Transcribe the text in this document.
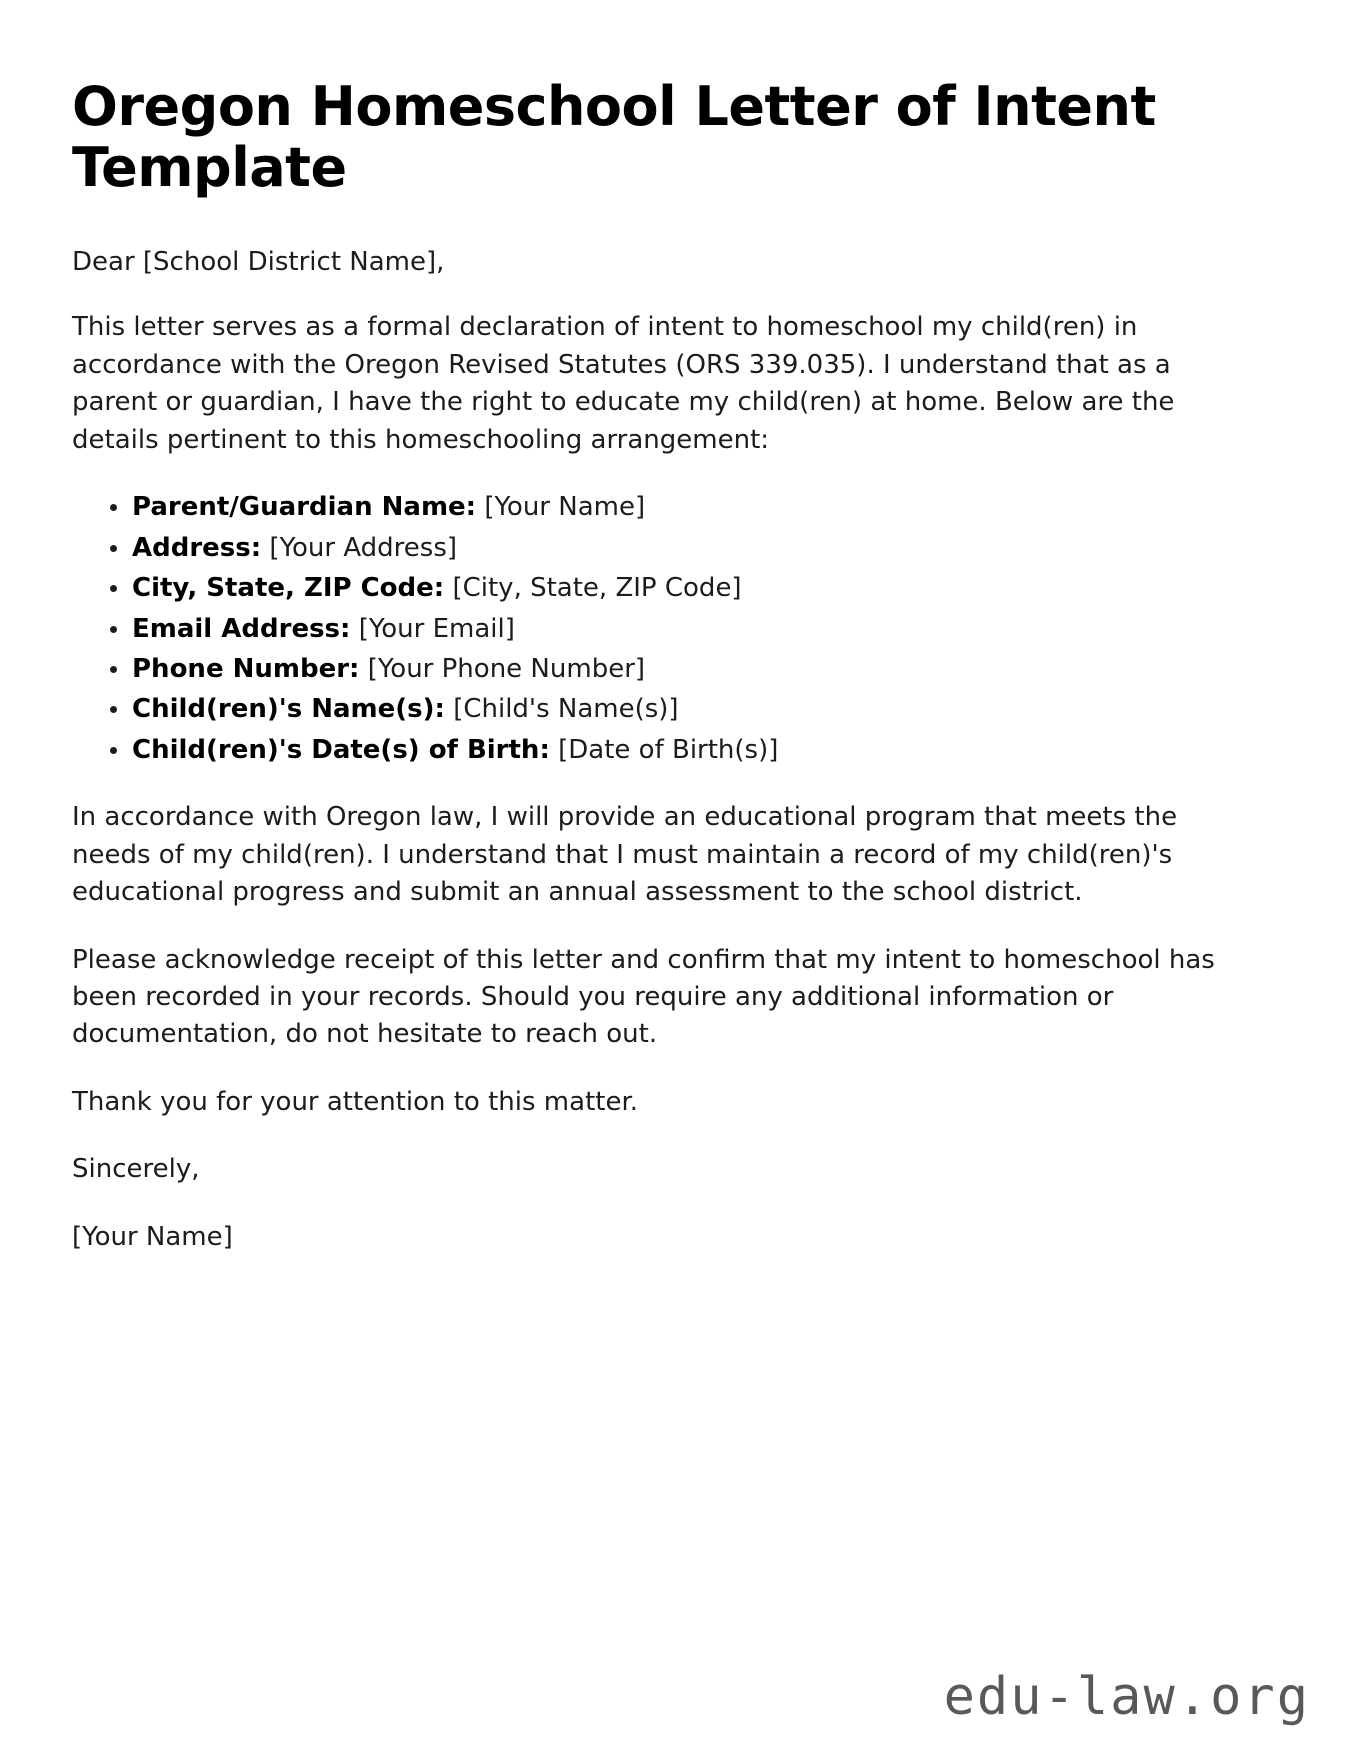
Oregon Homeschool Letter of Intent Template

Dear [School District Name],

This letter serves as a formal declaration of intent to homeschool my child(ren) in accordance with the Oregon Revised Statutes (ORS 339.035). I understand that as a parent or guardian, I have the right to educate my child(ren) at home. Below are the details pertinent to this homeschooling arrangement:

Parent/Guardian Name: [Your Name]
Address: [Your Address]
City, State, ZIP Code: [City, State, ZIP Code]
Email Address: [Your Email]
Phone Number: [Your Phone Number]
Child(ren)'s Name(s): [Child's Name(s)]
Child(ren)'s Date(s) of Birth: [Date of Birth(s)]

In accordance with Oregon law, I will provide an educational program that meets the needs of my child(ren). I understand that I must maintain a record of my child(ren)'s educational progress and submit an annual assessment to the school district.

Please acknowledge receipt of this letter and confirm that my intent to homeschool has been recorded in your records. Should you require any additional information or documentation, do not hesitate to reach out.

Thank you for your attention to this matter.

Sincerely,

[Your Name]

edu-law.org
